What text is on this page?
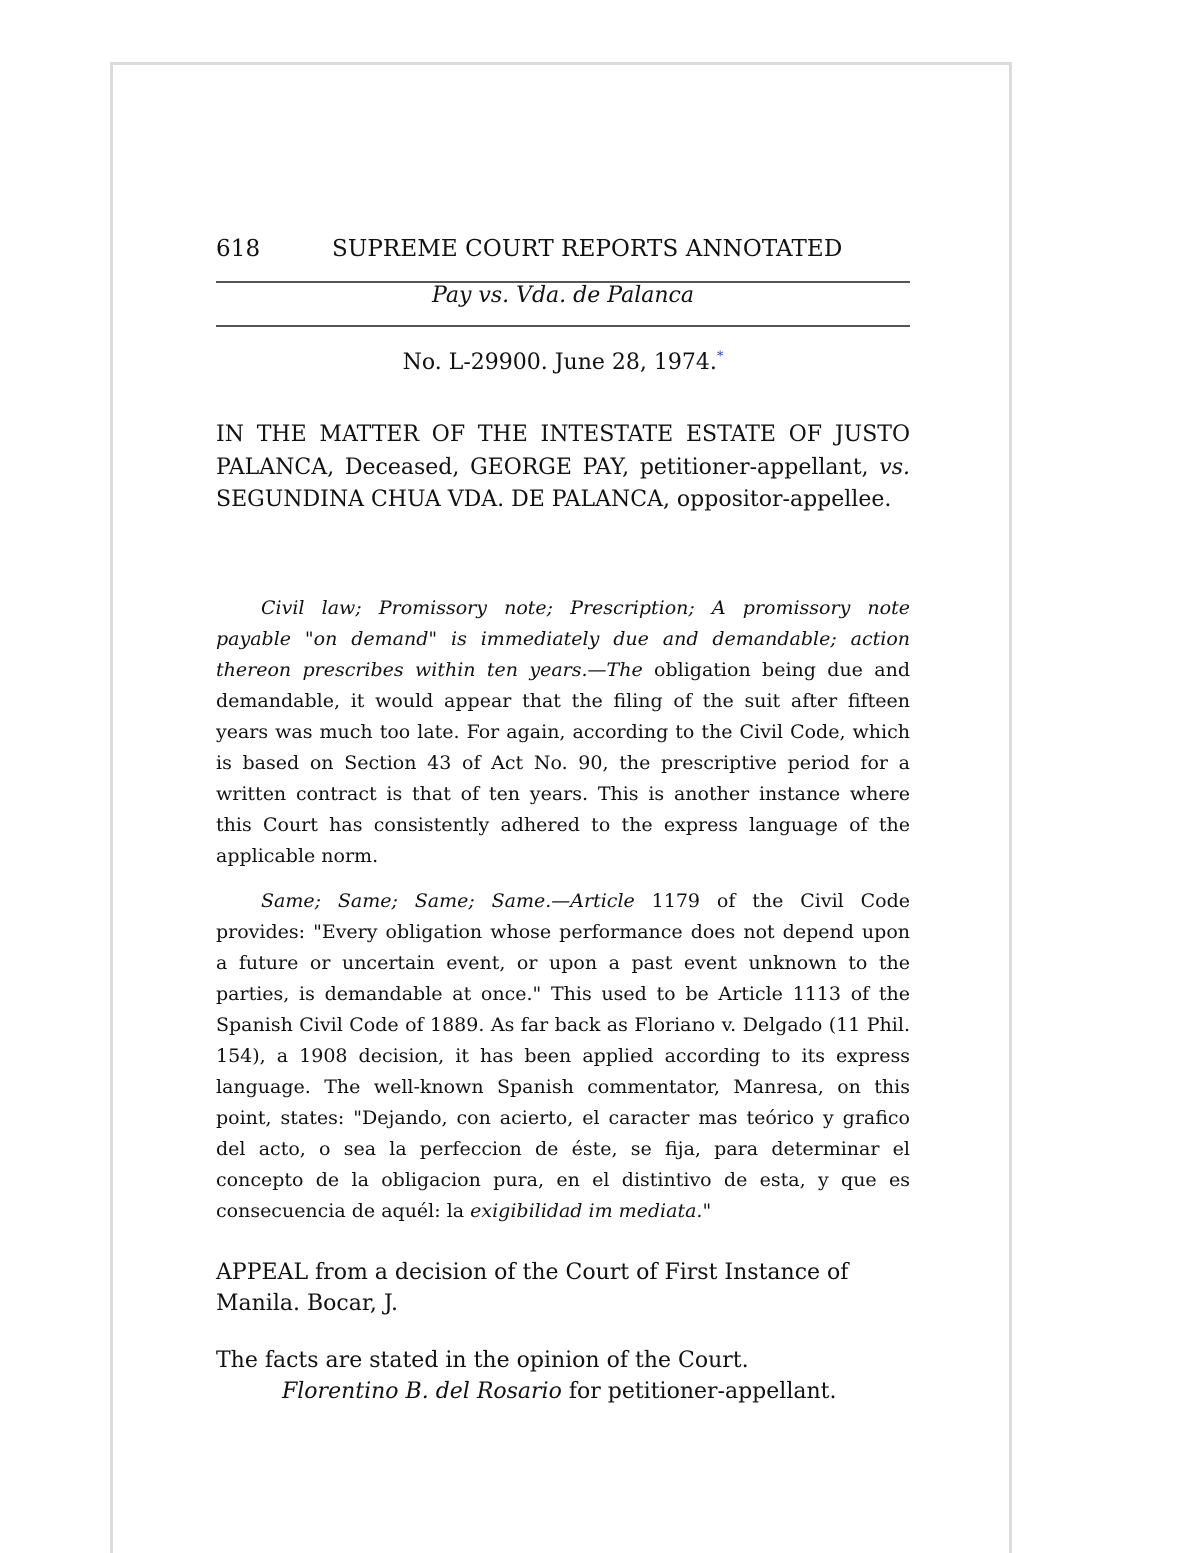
618	SUPREME COURT REPORTS ANNOTATED
Pay vs. Vda. de Palanca
No. L-29900. June 28, 1974.*
IN THE MATTER OF THE INTESTATE ESTATE OF JUSTO PALANCA, Deceased, GEORGE PAY, petitioner-appellant, vs. SEGUNDINA CHUA VDA. DE PALANCA, oppositor-appellee.

Civil law; Promissory note; Prescription; A promissory note payable "on demand" is immediately due and demandable; action thereon prescribes within ten years.—The obligation being due and demandable, it would appear that the filing of the suit after fifteen years was much too late. For again, according to the Civil Code, which is based on Section 43 of Act No. 90, the prescriptive period for a written contract is that of ten years. This is another instance where this Court has consistently adhered to the express language of the applicable norm.

Same; Same; Same; Same.—Article 1179 of the Civil Code provides: "Every obligation whose performance does not depend upon a future or uncertain event, or upon a past event unknown to the parties, is demandable at once." This used to be Article 1113 of the Spanish Civil Code of 1889. As far back as Floriano v. Delgado (11 Phil. 154), a 1908 decision, it has been applied according to its express language. The well-known Spanish commentator, Manresa, on this point, states: "Dejando, con acierto, el caracter mas teórico y grafico del acto, o sea la perfeccion de éste, se fija, para determinar el concepto de la obligacion pura, en el distintivo de esta, y que es consecuencia de aquél: la exigibilidad im mediata."

APPEAL from a decision of the Court of First Instance of Manila. Bocar, J.
The facts are stated in the opinion of the Court.
Florentino B. del Rosario for petitioner-appellant.
